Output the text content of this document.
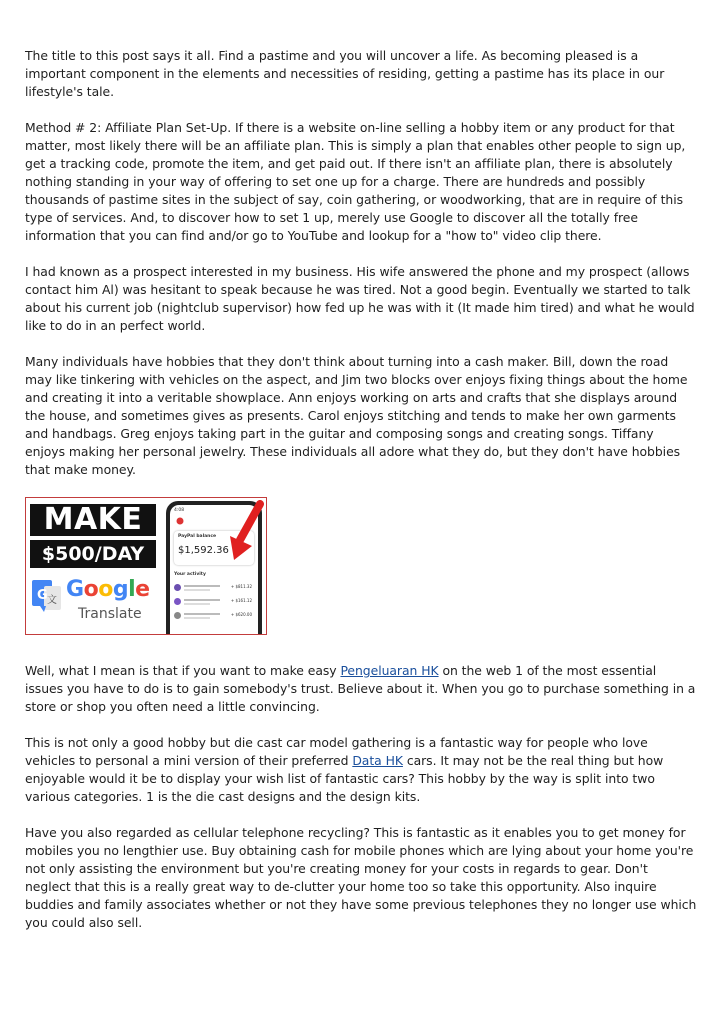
The title to this post says it all. Find a pastime and you will uncover a life. As becoming pleased is a important component in the elements and necessities of residing, getting a pastime has its place in our lifestyle's tale.

Method # 2: Affiliate Plan Set-Up. If there is a website on-line selling a hobby item or any product for that matter, most likely there will be an affiliate plan. This is simply a plan that enables other people to sign up, get a tracking code, promote the item, and get paid out. If there isn't an affiliate plan, there is absolutely nothing standing in your way of offering to set one up for a charge. There are hundreds and possibly thousands of pastime sites in the subject of say, coin gathering, or woodworking, that are in require of this type of services. And, to discover how to set 1 up, merely use Google to discover all the totally free information that you can find and/or go to YouTube and lookup for a "how to" video clip there.

I had known as a prospect interested in my business. His wife answered the phone and my prospect (allows contact him Al) was hesitant to speak because he was tired. Not a good begin. Eventually we started to talk about his current job (nightclub supervisor) how fed up he was with it (It made him tired) and what he would like to do in an perfect world.

Many individuals have hobbies that they don't think about turning into a cash maker. Bill, down the road may like tinkering with vehicles on the aspect, and Jim two blocks over enjoys fixing things about the home and creating it into a veritable showplace. Ann enjoys working on arts and crafts that she displays around the house, and sometimes gives as presents. Carol enjoys stitching and tends to make her own garments and handbags. Greg enjoys taking part in the guitar and composing songs and creating songs. Tiffany enjoys making her personal jewelry. These individuals all adore what they do, but they don't have hobbies that make money.

MAKE
$500/DAY
G 文 Google
Translate
4:08
PayPal balance
$1,592.36
Your activity
+ $811.32
+ $161.12
+ $620.00

Well, what I mean is that if you want to make easy Pengeluaran HK on the web 1 of the most essential issues you have to do is to gain somebody's trust. Believe about it. When you go to purchase something in a store or shop you often need a little convincing.

This is not only a good hobby but die cast car model gathering is a fantastic way for people who love vehicles to personal a mini version of their preferred Data HK cars. It may not be the real thing but how enjoyable would it be to display your wish list of fantastic cars? This hobby by the way is split into two various categories. 1 is the die cast designs and the design kits.

Have you also regarded as cellular telephone recycling? This is fantastic as it enables you to get money for mobiles you no lengthier use. Buy obtaining cash for mobile phones which are lying about your home you're not only assisting the environment but you're creating money for your costs in regards to gear. Don't neglect that this is a really great way to de-clutter your home too so take this opportunity. Also inquire buddies and family associates whether or not they have some previous telephones they no longer use which you could also sell.
